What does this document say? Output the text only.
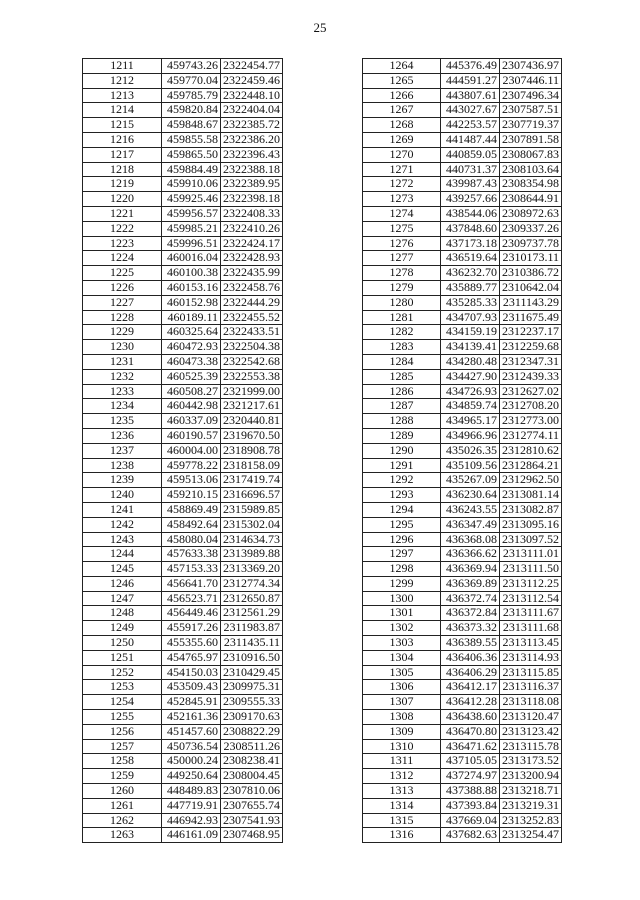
25
1211	459743.26	2322454.77
1212	459770.04	2322459.46
1213	459785.79	2322448.10
1214	459820.84	2322404.04
1215	459848.67	2322385.72
1216	459855.58	2322386.20
1217	459865.50	2322396.43
1218	459884.49	2322388.18
1219	459910.06	2322389.95
1220	459925.46	2322398.18
1221	459956.57	2322408.33
1222	459985.21	2322410.26
1223	459996.51	2322424.17
1224	460016.04	2322428.93
1225	460100.38	2322435.99
1226	460153.16	2322458.76
1227	460152.98	2322444.29
1228	460189.11	2322455.52
1229	460325.64	2322433.51
1230	460472.93	2322504.38
1231	460473.38	2322542.68
1232	460525.39	2322553.38
1233	460508.27	2321999.00
1234	460442.98	2321217.61
1235	460337.09	2320440.81
1236	460190.57	2319670.50
1237	460004.00	2318908.78
1238	459778.22	2318158.09
1239	459513.06	2317419.74
1240	459210.15	2316696.57
1241	458869.49	2315989.85
1242	458492.64	2315302.04
1243	458080.04	2314634.73
1244	457633.38	2313989.88
1245	457153.33	2313369.20
1246	456641.70	2312774.34
1247	456523.71	2312650.87
1248	456449.46	2312561.29
1249	455917.26	2311983.87
1250	455355.60	2311435.11
1251	454765.97	2310916.50
1252	454150.03	2310429.45
1253	453509.43	2309975.31
1254	452845.91	2309555.33
1255	452161.36	2309170.63
1256	451457.60	2308822.29
1257	450736.54	2308511.26
1258	450000.24	2308238.41
1259	449250.64	2308004.45
1260	448489.83	2307810.06
1261	447719.91	2307655.74
1262	446942.93	2307541.93
1263	446161.09	2307468.95
1264	445376.49	2307436.97
1265	444591.27	2307446.11
1266	443807.61	2307496.34
1267	443027.67	2307587.51
1268	442253.57	2307719.37
1269	441487.44	2307891.58
1270	440859.05	2308067.83
1271	440731.37	2308103.64
1272	439987.43	2308354.98
1273	439257.66	2308644.91
1274	438544.06	2308972.63
1275	437848.60	2309337.26
1276	437173.18	2309737.78
1277	436519.64	2310173.11
1278	436232.70	2310386.72
1279	435889.77	2310642.04
1280	435285.33	2311143.29
1281	434707.93	2311675.49
1282	434159.19	2312237.17
1283	434139.41	2312259.68
1284	434280.48	2312347.31
1285	434427.90	2312439.33
1286	434726.93	2312627.02
1287	434859.74	2312708.20
1288	434965.17	2312773.00
1289	434966.96	2312774.11
1290	435026.35	2312810.62
1291	435109.56	2312864.21
1292	435267.09	2312962.50
1293	436230.64	2313081.14
1294	436243.55	2313082.87
1295	436347.49	2313095.16
1296	436368.08	2313097.52
1297	436366.62	2313111.01
1298	436369.94	2313111.50
1299	436369.89	2313112.25
1300	436372.74	2313112.54
1301	436372.84	2313111.67
1302	436373.32	2313111.68
1303	436389.55	2313113.45
1304	436406.36	2313114.93
1305	436406.29	2313115.85
1306	436412.17	2313116.37
1307	436412.28	2313118.08
1308	436438.60	2313120.47
1309	436470.80	2313123.42
1310	436471.62	2313115.78
1311	437105.05	2313173.52
1312	437274.97	2313200.94
1313	437388.88	2313218.71
1314	437393.84	2313219.31
1315	437669.04	2313252.83
1316	437682.63	2313254.47
